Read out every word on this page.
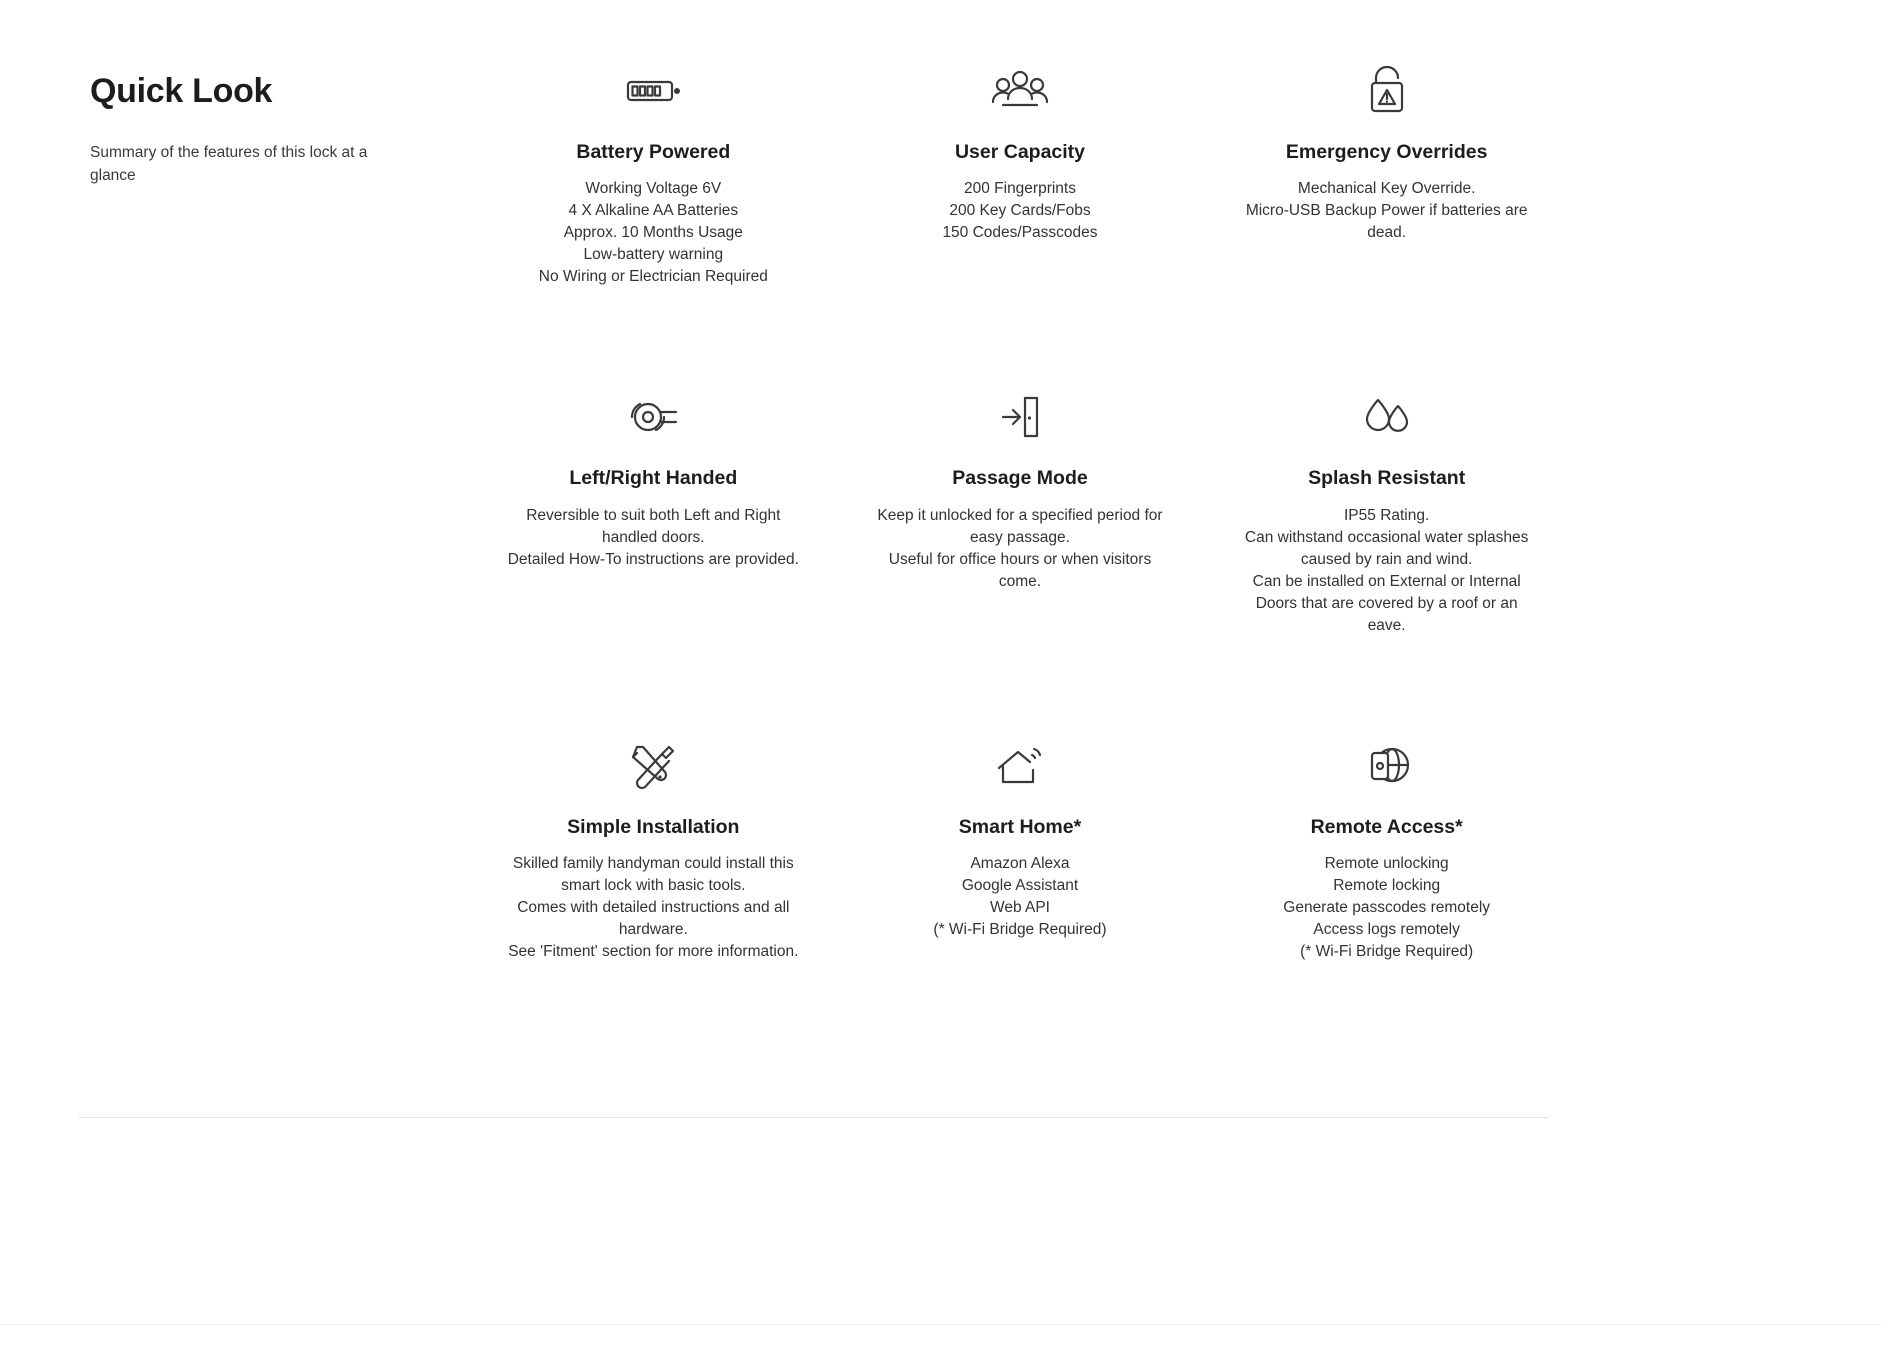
Quick Look

Summary of the features of this lock at a glance

Battery Powered
Working Voltage 6V
4 X Alkaline AA Batteries
Approx. 10 Months Usage
Low-battery warning
No Wiring or Electrician Required
User Capacity
200 Fingerprints
200 Key Cards/Fobs
150 Codes/Passcodes
Emergency Overrides
Mechanical Key Override.
Micro-USB Backup Power if batteries are dead.
Left/Right Handed
Reversible to suit both Left and Right handled doors.
Detailed How-To instructions are provided.
Passage Mode
Keep it unlocked for a specified period for easy passage.
Useful for office hours or when visitors come.
Splash Resistant
IP55 Rating.
Can withstand occasional water splashes caused by rain and wind.
Can be installed on External or Internal Doors that are covered by a roof or an eave.
Simple Installation
Skilled family handyman could install this smart lock with basic tools.
Comes with detailed instructions and all hardware.
See 'Fitment' section for more information.
Smart Home*
Amazon Alexa
Google Assistant
Web API
(* Wi-Fi Bridge Required)
Remote Access*
Remote unlocking
Remote locking
Generate passcodes remotely
Access logs remotely
(* Wi-Fi Bridge Required)
